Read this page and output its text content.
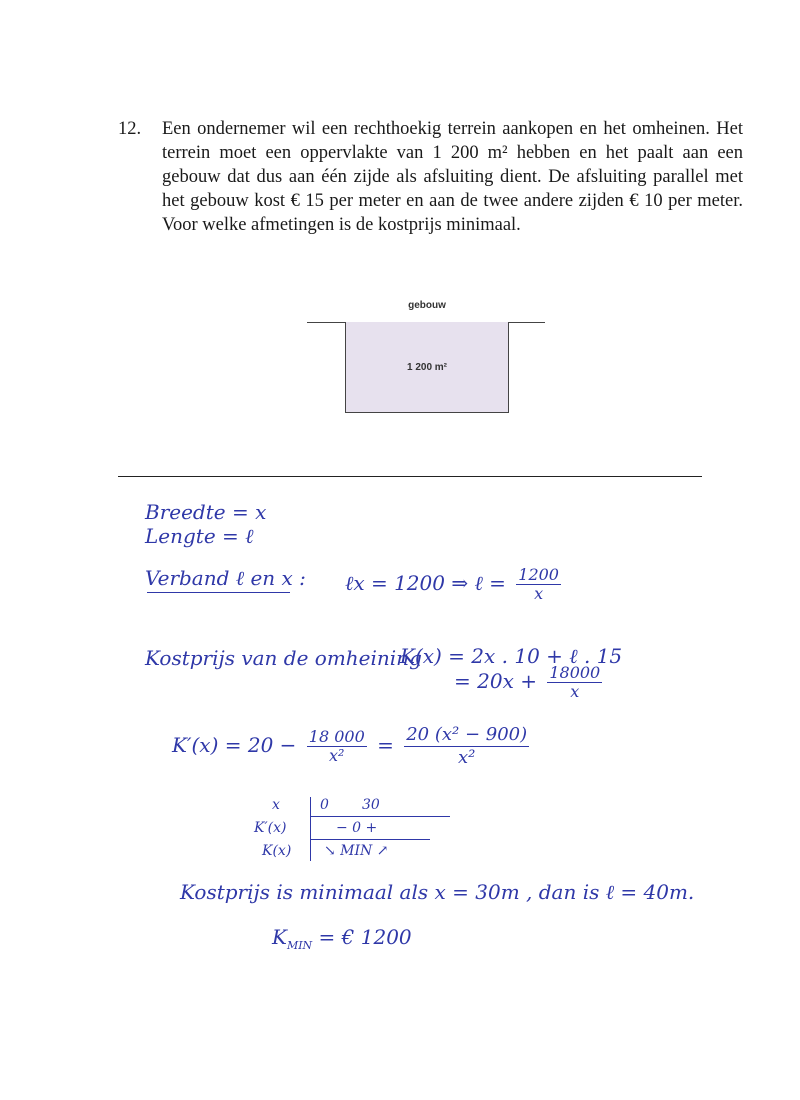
12. Een ondernemer wil een rechthoekig terrein aankopen en het omheinen. Het terrein moet een oppervlakte van 1 200 m² hebben en het paalt aan een gebouw dat dus aan één zijde als afsluiting dient. De afsluiting parallel met het gebouw kost € 15 per meter en aan de twee andere zijden € 10 per meter. Voor welke afmetingen is de kostprijs minimaal.
gebouw
1 200 m²
Breedte = x
Lengte = ℓ
Verband ℓ en x : ℓx = 1200 ⇒ ℓ = $\frac{1200}{x}$
Kostprijs van de omheining
K(x) = 2x . 10 + ℓ . 15
= $20x + \frac{18000}{x}$
$K'(x) = 20 - \frac{18 000}{\text{x²}} = \frac{\text{20 (x² − 900)}}{\text{x²}}$
x	0 30
K′(x)	− 0 +
K(x) ↘ MIN ↗
Kostprijs is minimaal als x = 30m , dan is ℓ = 40m.
$K_{MIN}$ = € 1200
